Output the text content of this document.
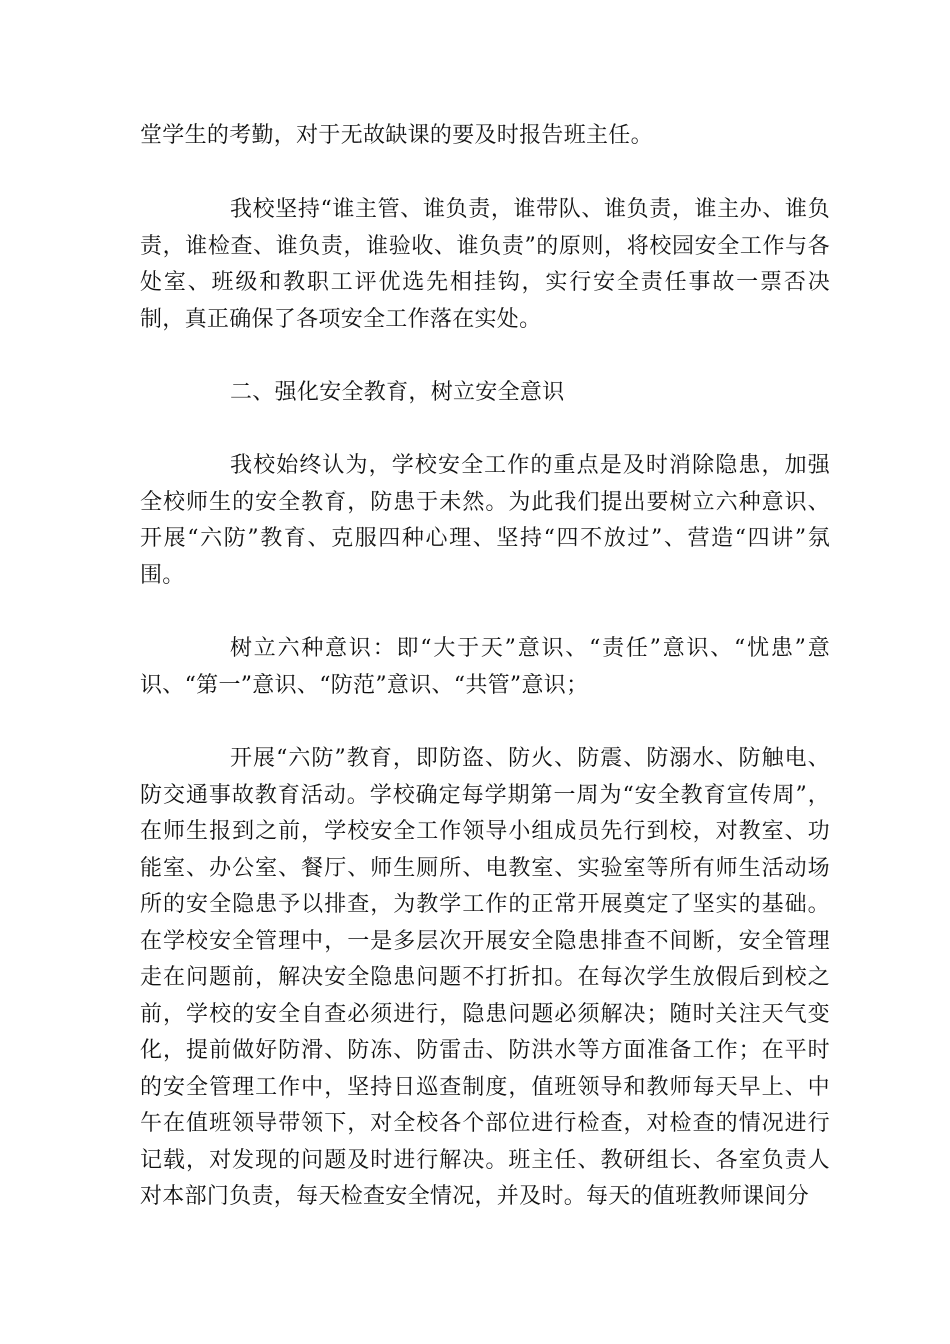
堂学生的考勤，对于无故缺课的要及时报告班主任。

我校坚持“谁主管、谁负责，谁带队、谁负责，谁主办、谁负责，谁检查、谁负责，谁验收、谁负责”的原则，将校园安全工作与各处室、班级和教职工评优选先相挂钩，实行安全责任事故一票否决制，真正确保了各项安全工作落在实处。

二、强化安全教育，树立安全意识

我校始终认为，学校安全工作的重点是及时消除隐患，加强全校师生的安全教育，防患于未然。为此我们提出要树立六种意识、开展“六防”教育、克服四种心理、坚持“四不放过”、营造“四讲”氛围。

树立六种意识：即“大于天”意识、“责任”意识、“忧患”意识、“第一”意识、“防范”意识、“共管”意识；

开展“六防”教育，即防盗、防火、防震、防溺水、防触电、防交通事故教育活动。学校确定每学期第一周为“安全教育宣传周”，在师生报到之前，学校安全工作领导小组成员先行到校，对教室、功能室、办公室、餐厅、师生厕所、电教室、实验室等所有师生活动场所的安全隐患予以排查，为教学工作的正常开展奠定了坚实的基础。在学校安全管理中，一是多层次开展安全隐患排查不间断，安全管理走在问题前，解决安全隐患问题不打折扣。在每次学生放假后到校之前，学校的安全自查必须进行，隐患问题必须解决；随时关注天气变化，提前做好防滑、防冻、防雷击、防洪水等方面准备工作；在平时的安全管理工作中，坚持日巡查制度，值班领导和教师每天早上、中午在值班领导带领下，对全校各个部位进行检查，对检查的情况进行记载，对发现的问题及时进行解决。班主任、教研组长、各室负责人对本部门负责，每天检查安全情况，并及时。每天的值班教师课间分
